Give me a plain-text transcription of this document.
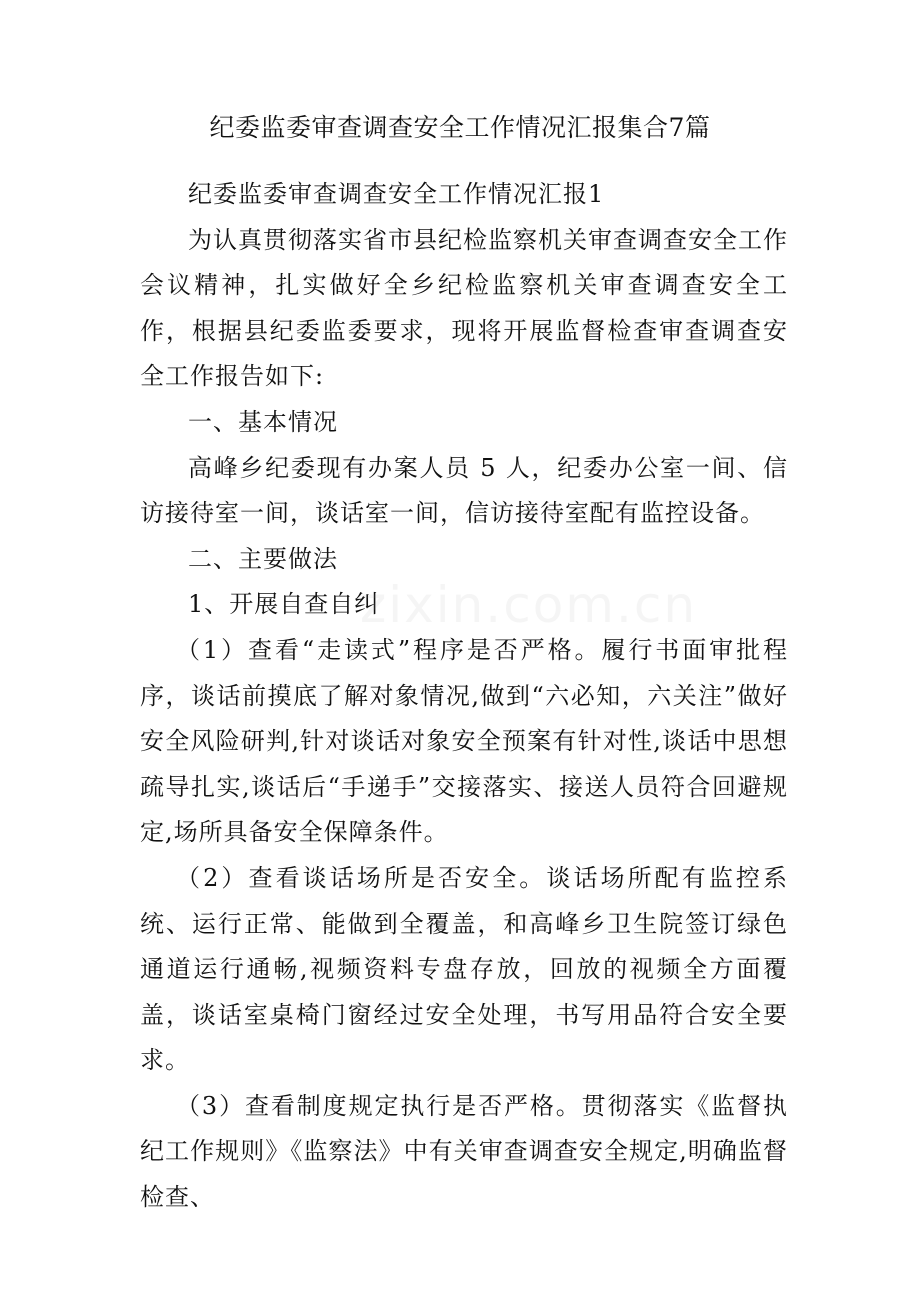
纪委监委审查调查安全工作情况汇报集合7篇

纪委监委审查调查安全工作情况汇报1

为认真贯彻落实省市县纪检监察机关审查调查安全工作会议精神，扎实做好全乡纪检监察机关审查调查安全工作，根据县纪委监委要求，现将开展监督检查审查调查安全工作报告如下:

一、基本情况

高峰乡纪委现有办案人员 5 人，纪委办公室一间、信访接待室一间，谈话室一间，信访接待室配有监控设备。

二、主要做法

1、开展自查自纠

（1）查看“走读式”程序是否严格。履行书面审批程序，谈话前摸底了解对象情况,做到“六必知，六关注”做好安全风险研判,针对谈话对象安全预案有针对性,谈话中思想疏导扎实,谈话后“手递手”交接落实、接送人员符合回避规定,场所具备安全保障条件。

（2）查看谈话场所是否安全。谈话场所配有监控系统、运行正常、能做到全覆盖，和高峰乡卫生院签订绿色通道运行通畅,视频资料专盘存放，回放的视频全方面覆盖，谈话室桌椅门窗经过安全处理，书写用品符合安全要求。

（3）查看制度规定执行是否严格。贯彻落实《监督执纪工作规则》《监察法》中有关审查调查安全规定,明确监督检查、

zixin.com.cn
